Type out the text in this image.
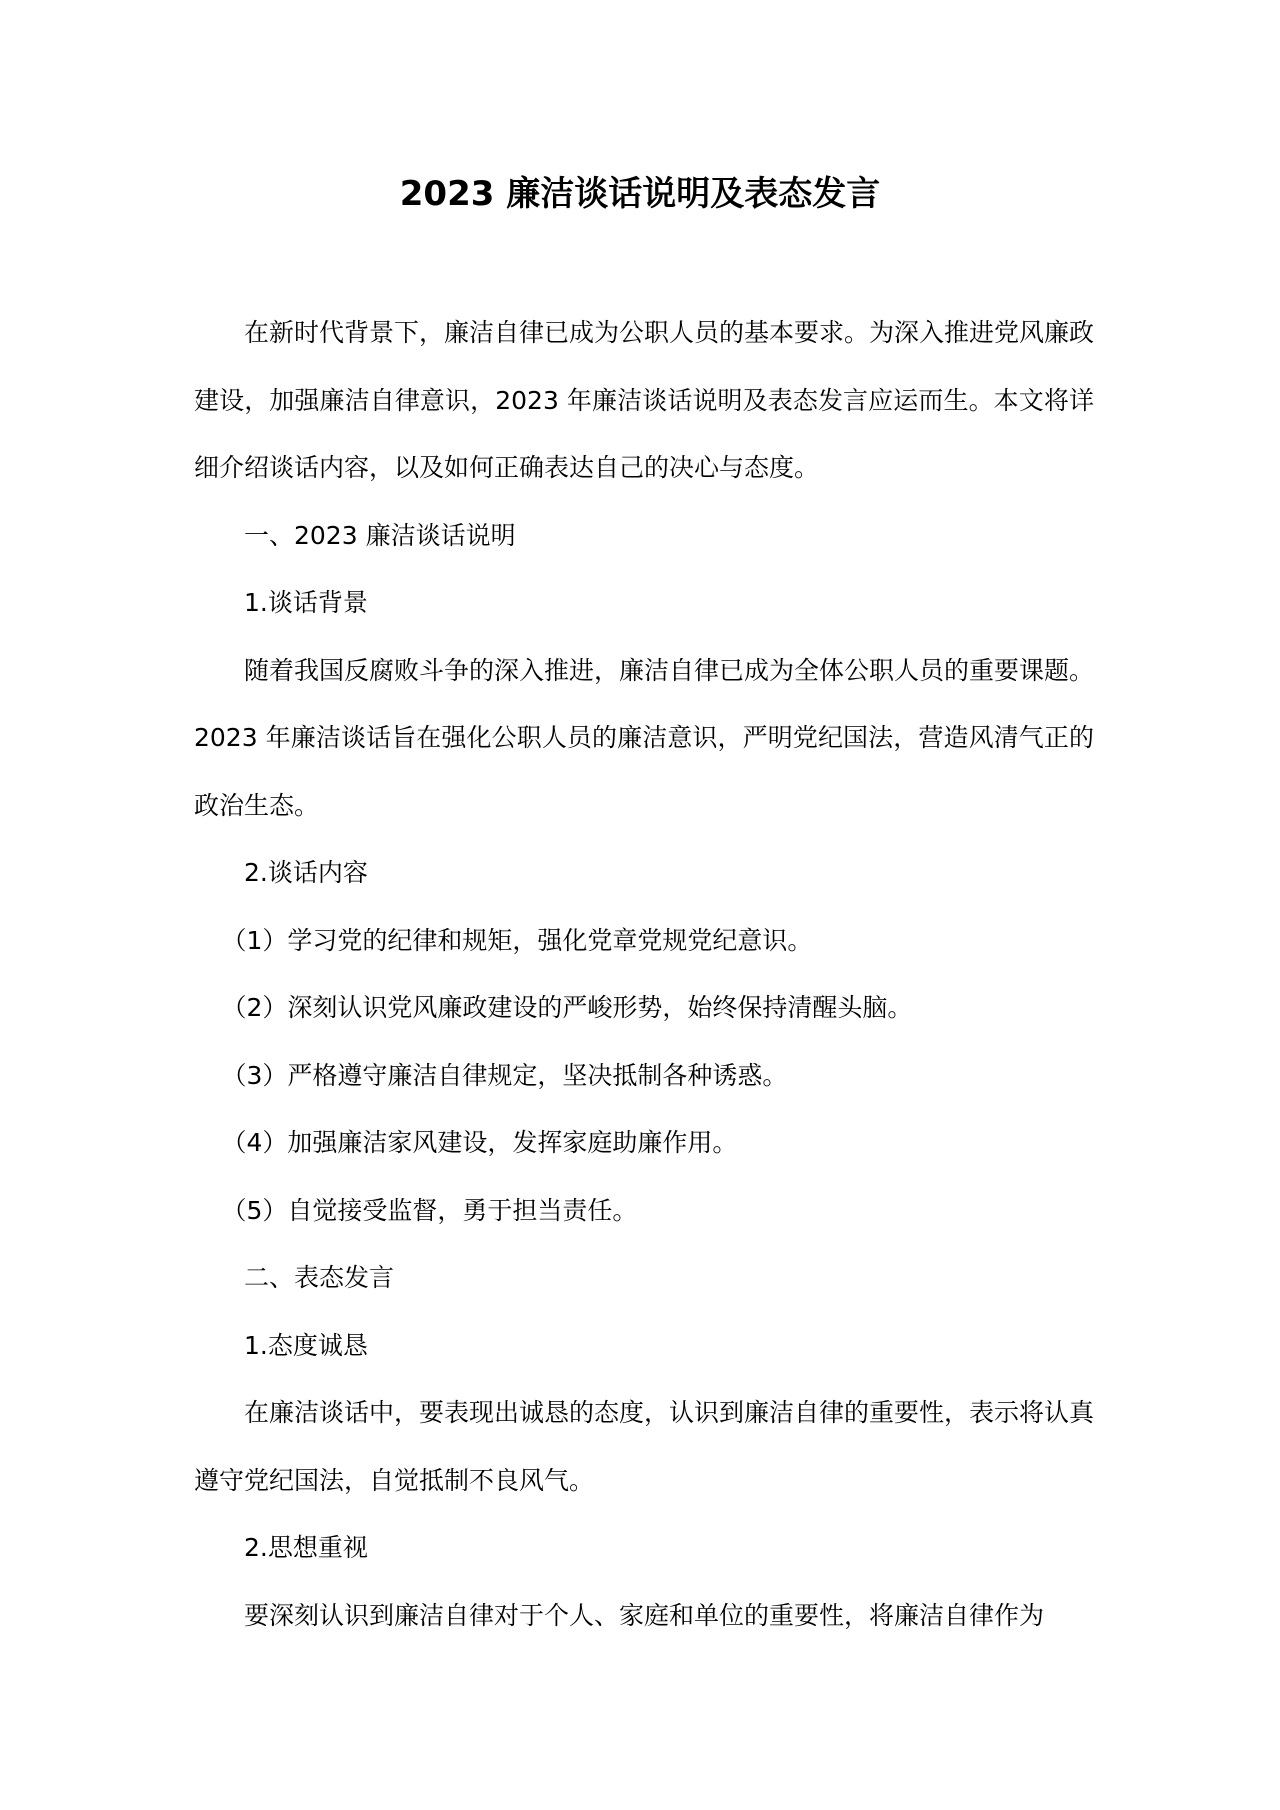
2023 廉洁谈话说明及表态发言

在新时代背景下，廉洁自律已成为公职人员的基本要求。为深入推进党风廉政建设，加强廉洁自律意识，2023 年廉洁谈话说明及表态发言应运而生。本文将详细介绍谈话内容，以及如何正确表达自己的决心与态度。

一、2023 廉洁谈话说明

1.谈话背景

随着我国反腐败斗争的深入推进，廉洁自律已成为全体公职人员的重要课题。2023 年廉洁谈话旨在强化公职人员的廉洁意识，严明党纪国法，营造风清气正的政治生态。

2.谈话内容

（1）学习党的纪律和规矩，强化党章党规党纪意识。

（2）深刻认识党风廉政建设的严峻形势，始终保持清醒头脑。

（3）严格遵守廉洁自律规定，坚决抵制各种诱惑。

（4）加强廉洁家风建设，发挥家庭助廉作用。

（5）自觉接受监督，勇于担当责任。

二、表态发言

1.态度诚恳

在廉洁谈话中，要表现出诚恳的态度，认识到廉洁自律的重要性，表示将认真遵守党纪国法，自觉抵制不良风气。

2.思想重视

要深刻认识到廉洁自律对于个人、家庭和单位的重要性，将廉洁自律作为
